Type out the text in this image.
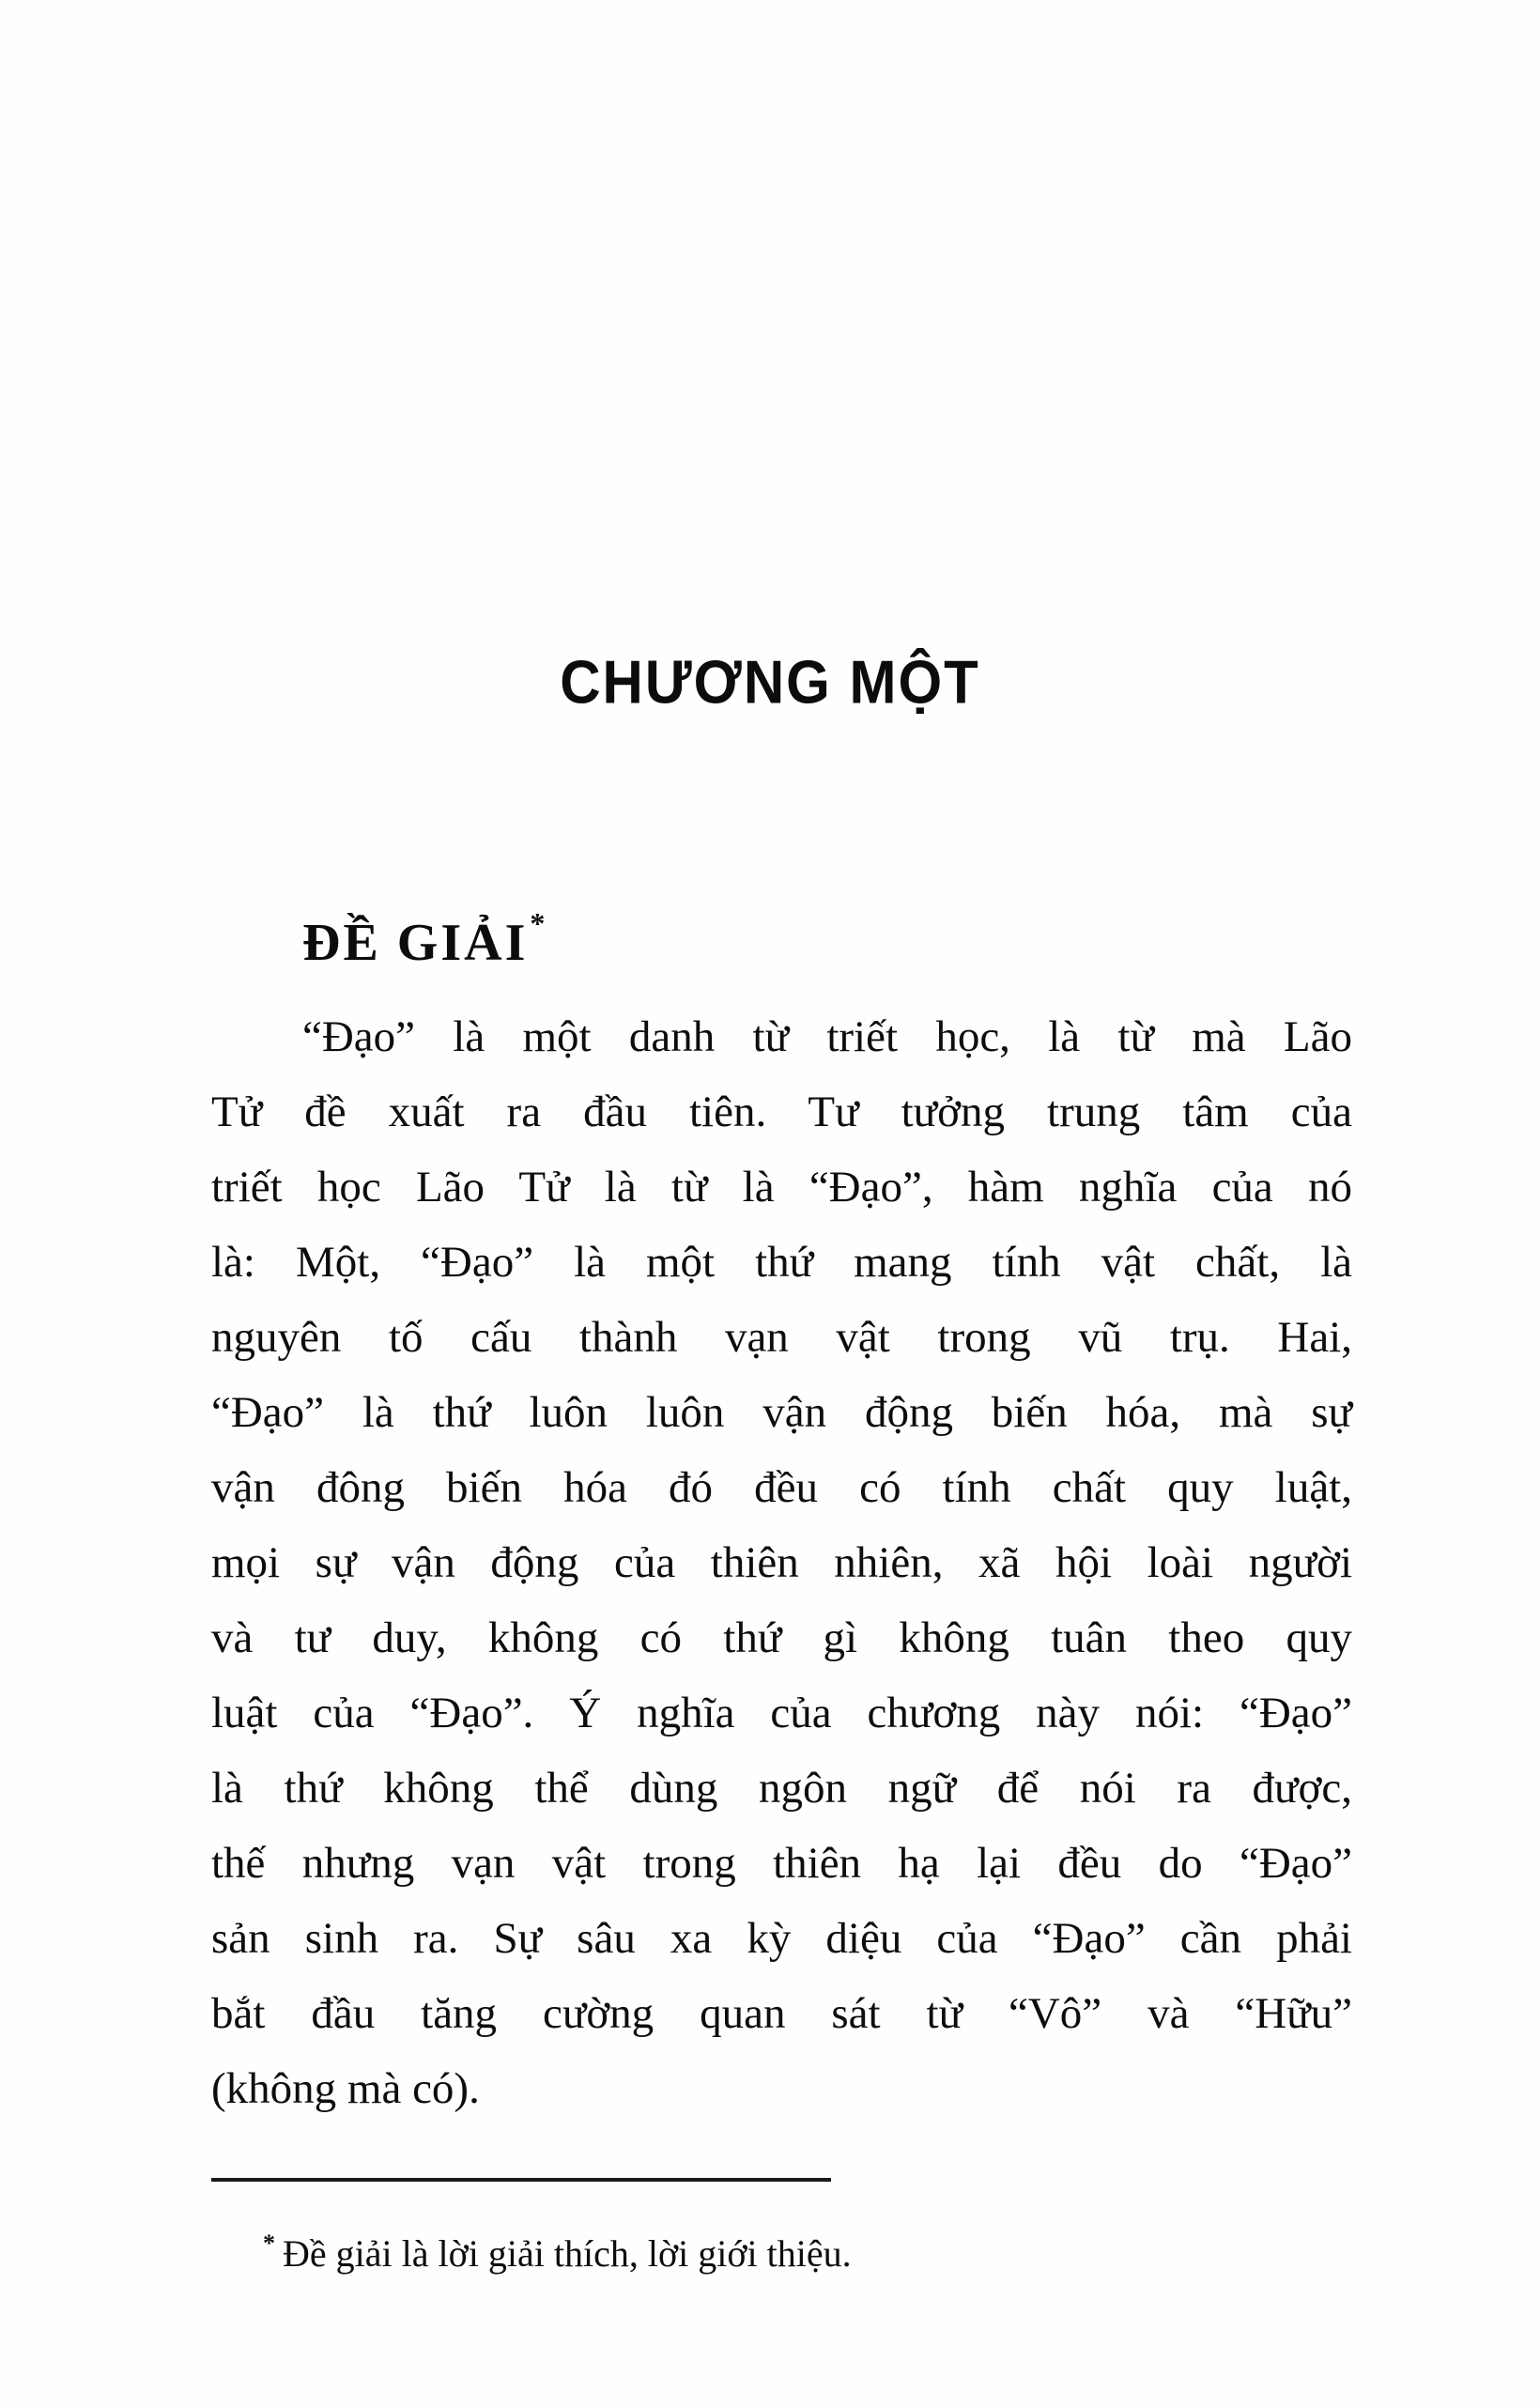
CHƯƠNG MỘT
ĐỀ GIẢI*
“Đạo” là một danh từ triết học, là từ mà Lão
Tử đề xuất ra đầu tiên. Tư tưởng trung tâm của
triết học Lão Tử là từ là “Đạo”, hàm nghĩa của nó
là: Một, “Đạo” là một thứ mang tính vật chất, là
nguyên tố cấu thành vạn vật trong vũ trụ. Hai,
“Đạo” là thứ luôn luôn vận động biến hóa, mà sự
vận đông biến hóa đó đều có tính chất quy luật,
mọi sự vận động của thiên nhiên, xã hội loài người
và tư duy, không có thứ gì không tuân theo quy
luật của “Đạo”. Ý nghĩa của chương này nói: “Đạo”
là thứ không thể dùng ngôn ngữ để nói ra được,
thế nhưng vạn vật trong thiên hạ lại đều do “Đạo”
sản sinh ra. Sự sâu xa kỳ diệu của “Đạo” cần phải
bắt đầu tăng cường quan sát từ “Vô” và “Hữu”
(không mà có).

* Đề giải là lời giải thích, lời giới thiệu.
